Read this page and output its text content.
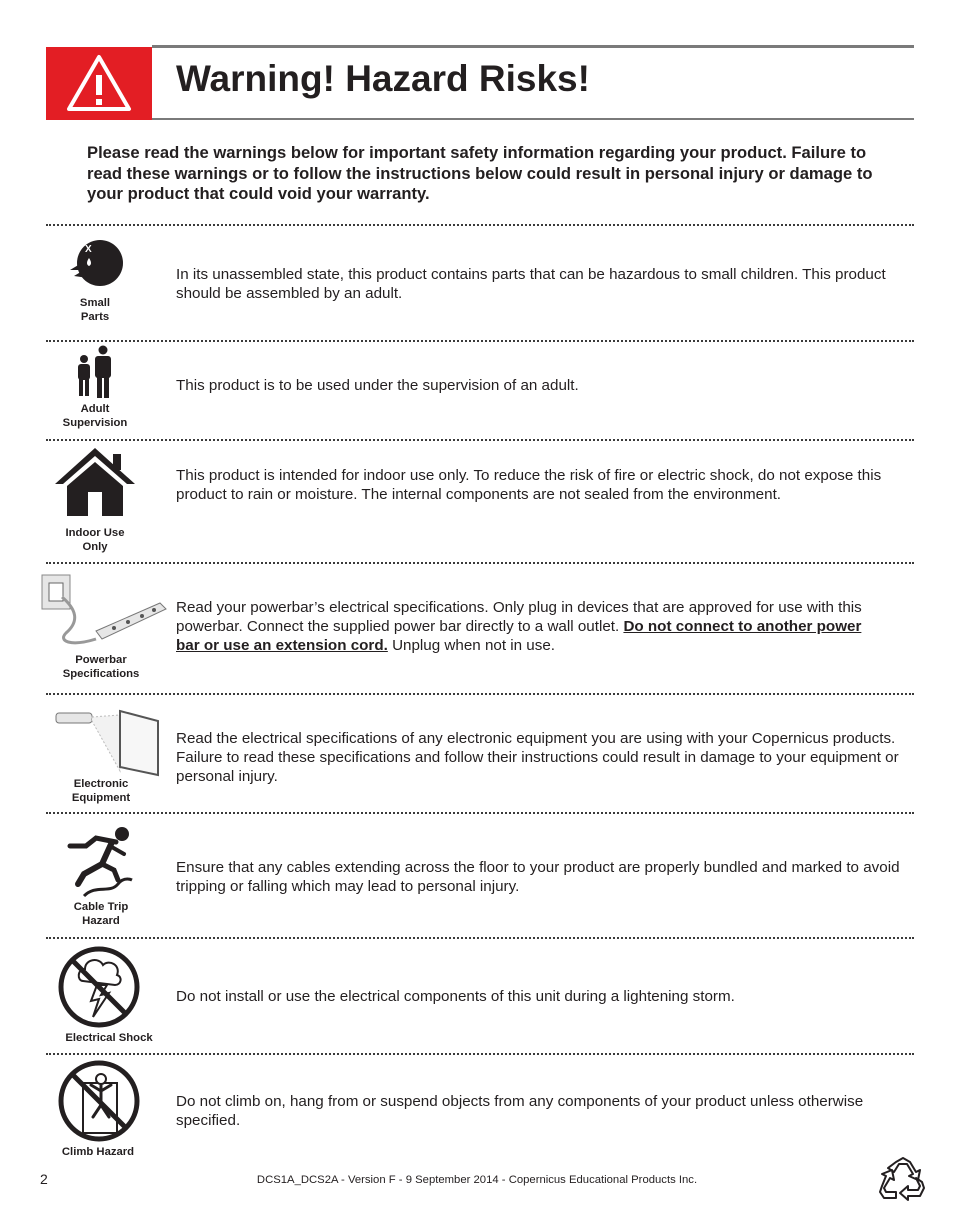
Warning! Hazard Risks!
Please read the warnings below for important safety information regarding your product. Failure to read these warnings or to follow the instructions below could result in personal injury or damage to your product that could void your warranty.
X
Small
Parts
In its unassembled state, this product contains parts that can be hazardous to small children. This product should be assembled by an adult.
Adult
Supervision
This product is to be used under the supervision of an adult.
Indoor Use
Only
This product is intended for indoor use only. To reduce the risk of fire or electric shock, do not expose this product to rain or moisture. The internal components are not sealed from the environment.
Powerbar
Specifications
Read your powerbar’s electrical specifications. Only plug in devices that are approved for use with this powerbar. Connect the supplied power bar directly to a wall outlet. Do not connect to another power bar or use an extension cord. Unplug when not in use.
Electronic
Equipment
Read the electrical specifications of any electronic equipment you are using with your Copernicus products. Failure to read these specifications and follow their instructions could result in damage to your equipment or personal injury.
Cable Trip
Hazard
Ensure that any cables extending across the floor to your product are properly bundled and marked to avoid tripping or falling which may lead to personal injury.
Electrical Shock
Do not install or use the electrical components of this unit during a lightening storm.
Climb Hazard
Do not climb on, hang from or suspend objects from any components of your product unless otherwise specified.
2	DCS1A_DCS2A - Version F - 9 September 2014 - Copernicus Educational Products Inc.
